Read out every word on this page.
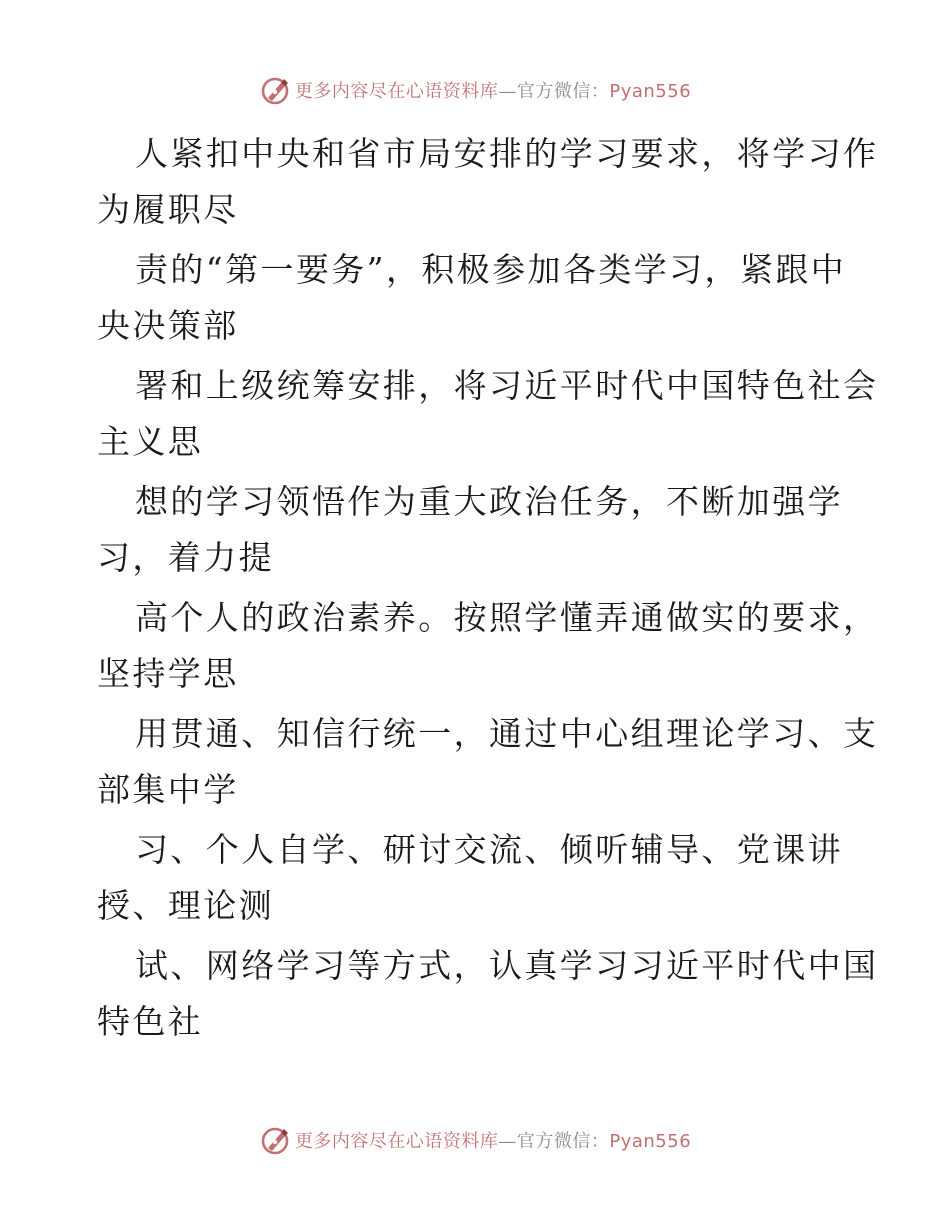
更多内容尽在心语资料库—官方微信：Pyan556
人紧扣中央和省市局安排的学习要求，将学习作
为履职尽
责的“第一要务”，积极参加各类学习，紧跟中
央决策部
署和上级统筹安排，将习近平时代中国特色社会
主义思
想的学习领悟作为重大政治任务，不断加强学
习，着力提
高个人的政治素养。按照学懂弄通做实的要求，
坚持学思
用贯通、知信行统一，通过中心组理论学习、支
部集中学
习、个人自学、研讨交流、倾听辅导、党课讲
授、理论测
试、网络学习等方式，认真学习习近平时代中国
特色社
更多内容尽在心语资料库—官方微信：Pyan556
